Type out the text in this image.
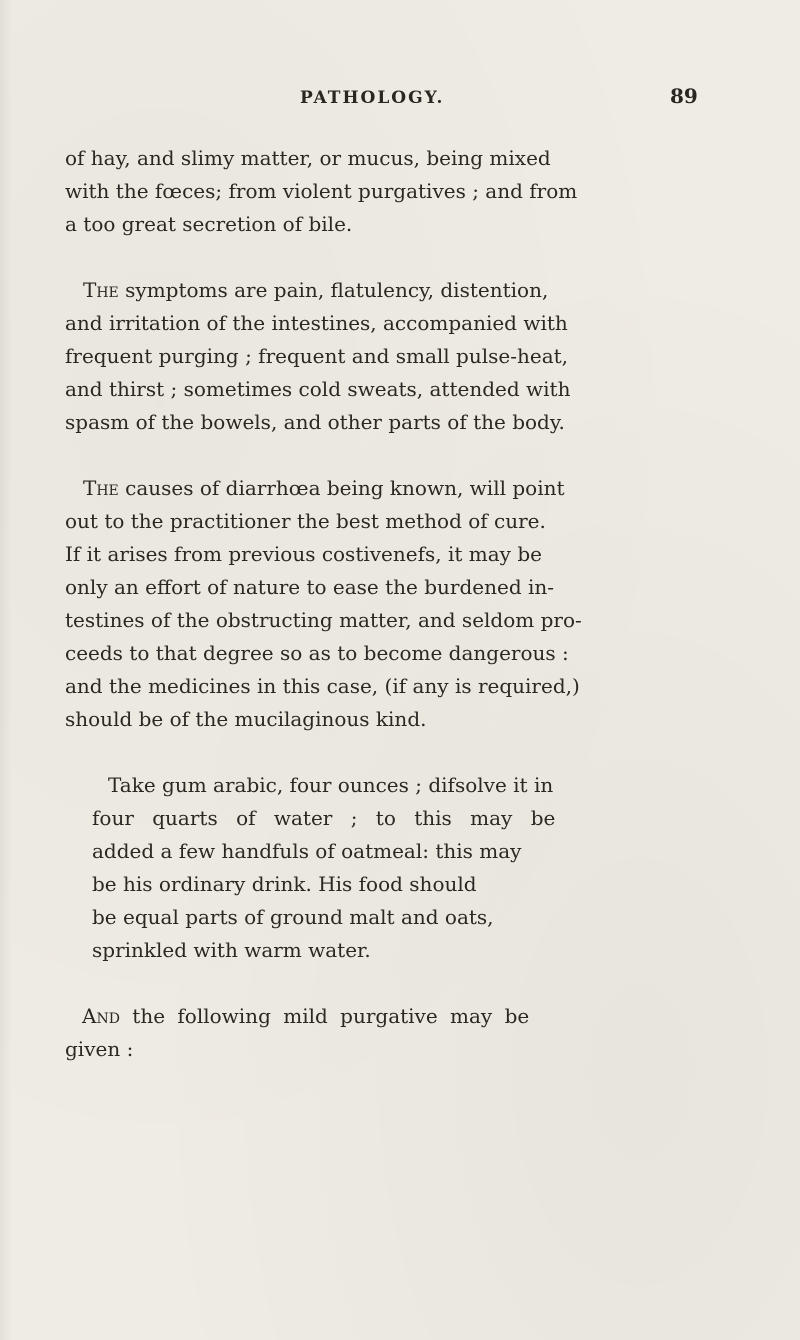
PATHOLOGY.	89
of hay, and slimy matter, or mucus, being mixed
with the fœces; from violent purgatives ; and from
a too great secretion of bile.
The symptoms are pain, flatulency, distention,
and irritation of the intestines, accompanied with
frequent purging ; frequent and small pulse-heat,
and thirst ; sometimes cold sweats, attended with
spasm of the bowels, and other parts of the body.
The causes of diarrhœa being known, will point
out to the practitioner the best method of cure.
If it arises from previous costivenefs, it may be
only an effort of nature to ease the burdened in-
testines of the obstructing matter, and seldom pro-
ceeds to that degree so as to become dangerous :
and the medicines in this case, (if any is required,)
should be of the mucilaginous kind.
Take gum arabic, four ounces ; difsolve it in
four quarts of water ; to this may be
added a few handfuls of oatmeal: this may
be his ordinary drink. His food should
be equal parts of ground malt and oats,
sprinkled with warm water.
And the following mild purgative may be
given :
